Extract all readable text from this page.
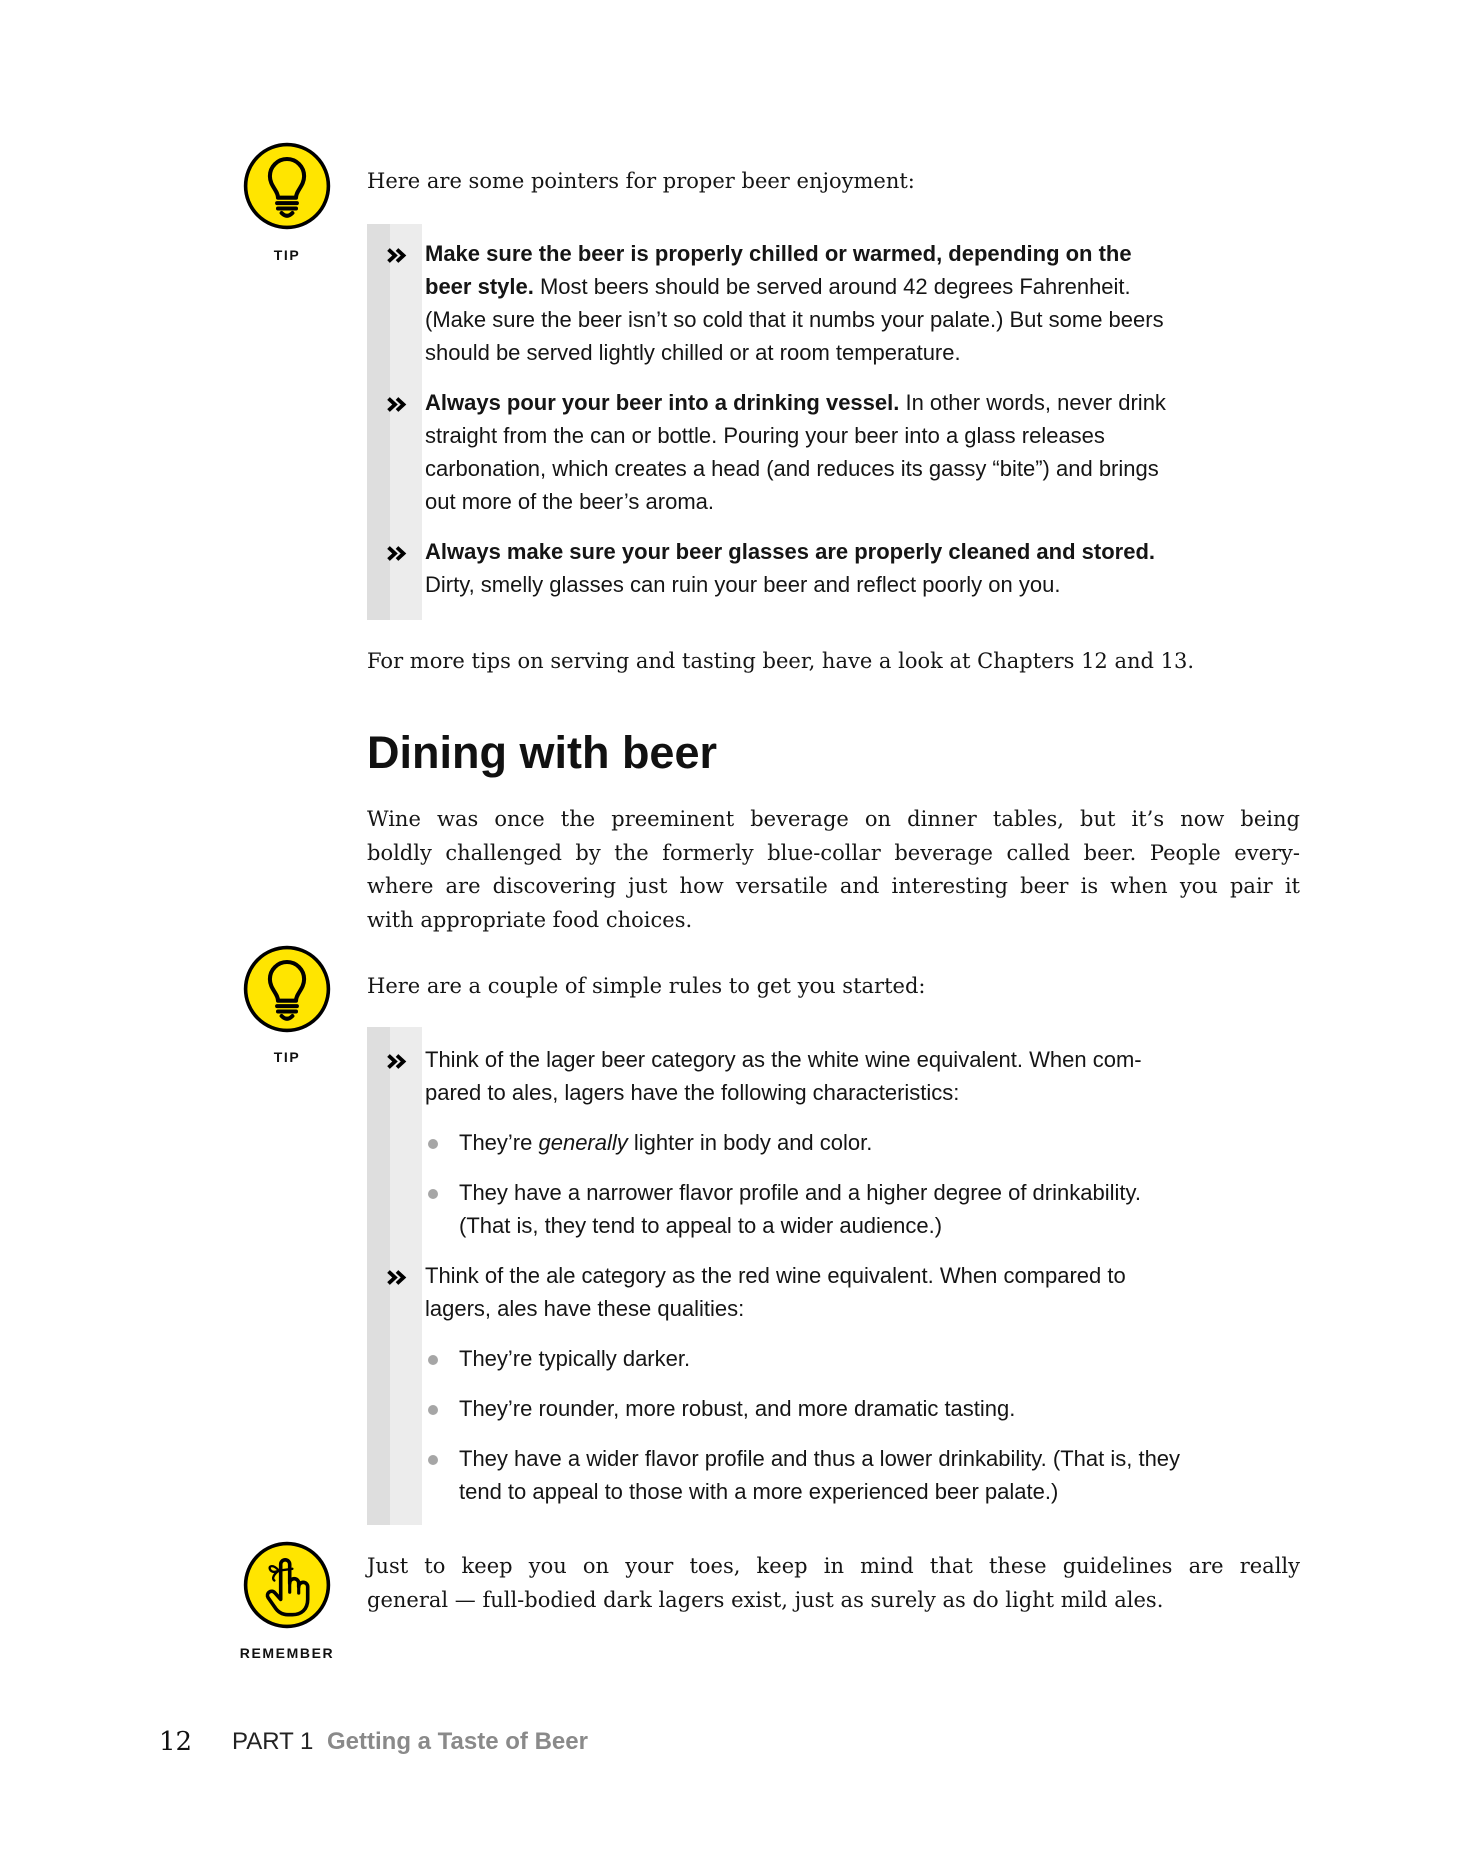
TIP
Here are some pointers for proper beer enjoyment:
Make sure the beer is properly chilled or warmed, depending on the
beer style. Most beers should be served around 42 degrees Fahrenheit.
(Make sure the beer isn’t so cold that it numbs your palate.) But some beers
should be served lightly chilled or at room temperature.
Always pour your beer into a drinking vessel. In other words, never drink
straight from the can or bottle. Pouring your beer into a glass releases
carbonation, which creates a head (and reduces its gassy “bite”) and brings
out more of the beer’s aroma.
Always make sure your beer glasses are properly cleaned and stored.
Dirty, smelly glasses can ruin your beer and reflect poorly on you.
For more tips on serving and tasting beer, have a look at Chapters 12 and 13.
Dining with beer
Wine was once the preeminent beverage on dinner tables, but it’s now being
boldly challenged by the formerly blue-collar beverage called beer. People every-
where are discovering just how versatile and interesting beer is when you pair it
with appropriate food choices.
TIP
Here are a couple of simple rules to get you started:
Think of the lager beer category as the white wine equivalent. When com-
pared to ales, lagers have the following characteristics:
They’re generally lighter in body and color.
They have a narrower flavor profile and a higher degree of drinkability.
(That is, they tend to appeal to a wider audience.)
Think of the ale category as the red wine equivalent. When compared to
lagers, ales have these qualities:
They’re typically darker.
They’re rounder, more robust, and more dramatic tasting.
They have a wider flavor profile and thus a lower drinkability. (That is, they
tend to appeal to those with a more experienced beer palate.)
REMEMBER
Just to keep you on your toes, keep in mind that these guidelines are really
general — full-bodied dark lagers exist, just as surely as do light mild ales.
12 PART 1 Getting a Taste of Beer
